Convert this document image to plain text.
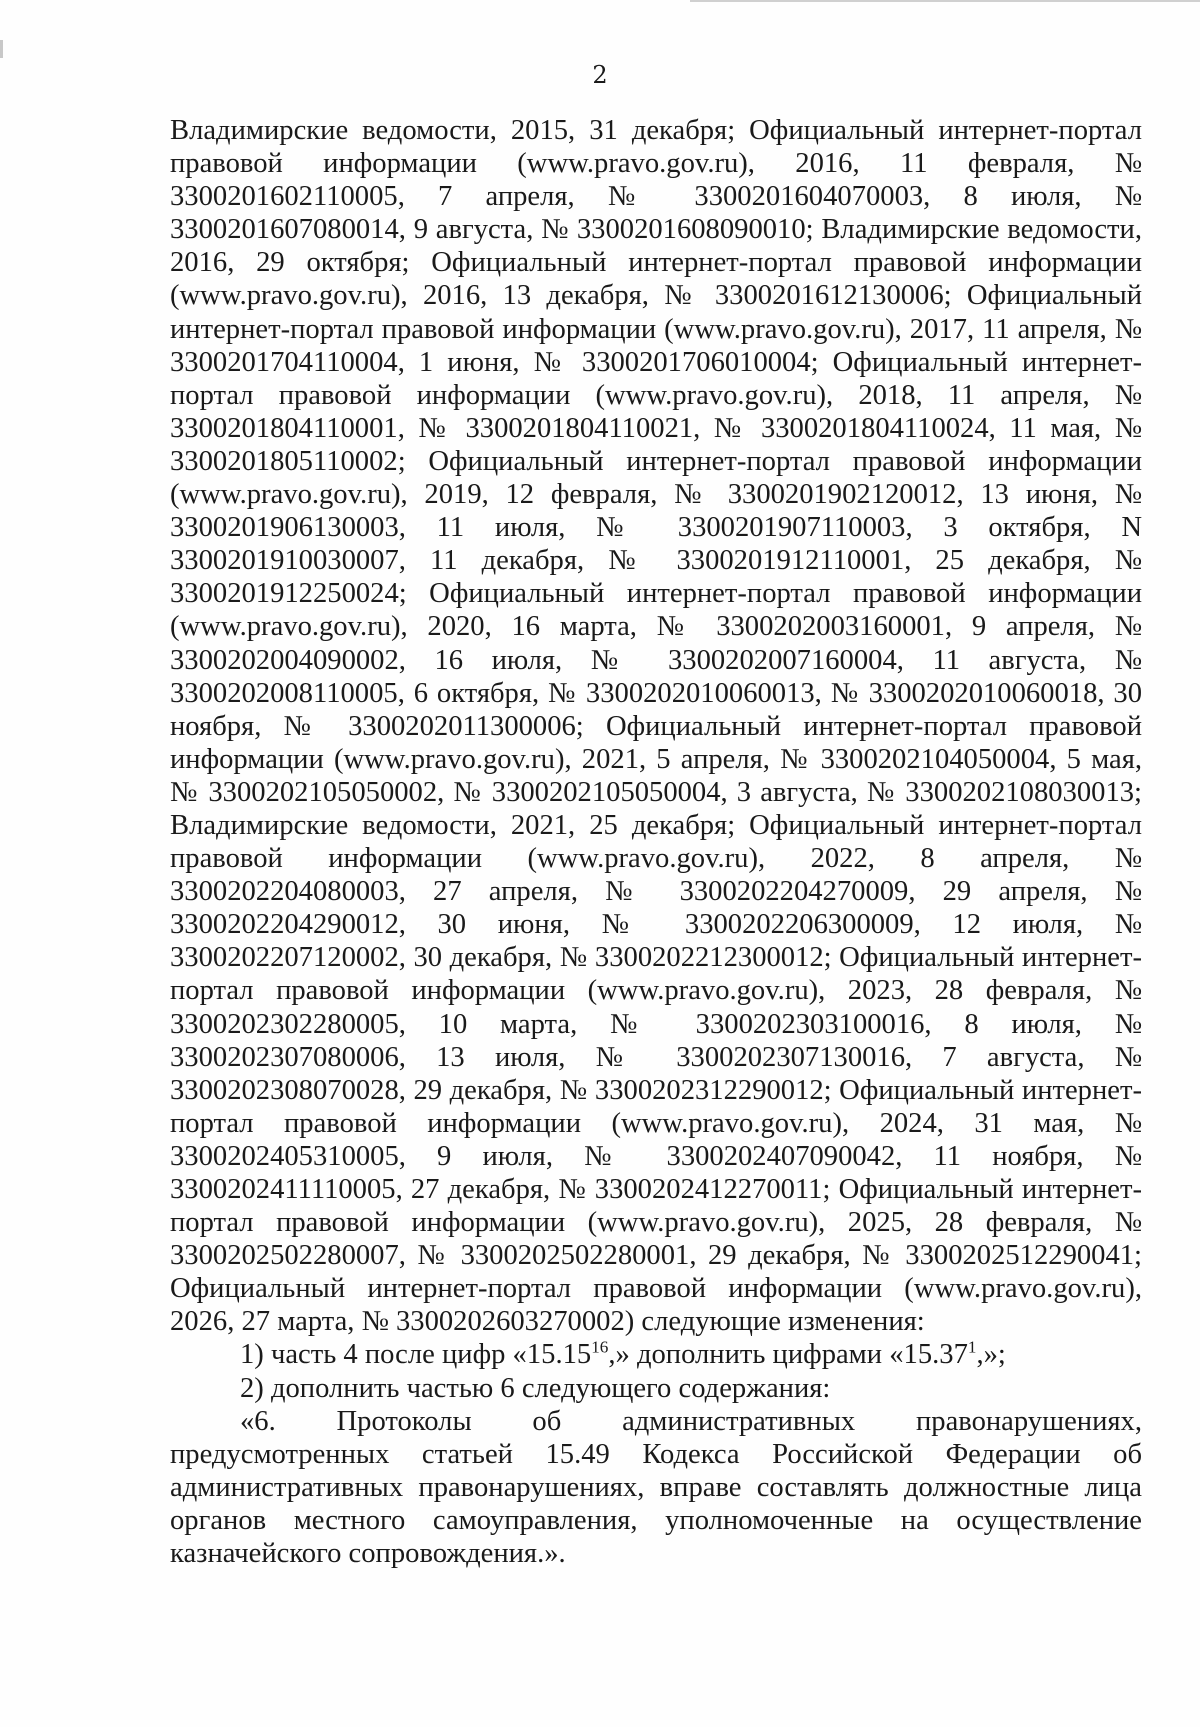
2

Владимирские ведомости, 2015, 31 декабря; Официальный интернет-портал правовой информации (www.pravo.gov.ru), 2016, 11 февраля, № 3300201602110005, 7 апреля, № 3300201604070003, 8 июля, № 3300201607080014, 9 августа, № 3300201608090010; Владимирские ведомости, 2016, 29 октября; Официальный интернет-портал правовой информации (www.pravo.gov.ru), 2016, 13 декабря, № 3300201612130006; Официальный интернет-портал правовой информации (www.pravo.gov.ru), 2017, 11 апреля, № 3300201704110004, 1 июня, № 3300201706010004; Официальный интернет-портал правовой информации (www.pravo.gov.ru), 2018, 11 апреля, № 3300201804110001, № 3300201804110021, № 3300201804110024, 11 мая, № 3300201805110002; Официальный интернет-портал правовой информации (www.pravo.gov.ru), 2019, 12 февраля, № 3300201902120012, 13 июня, № 3300201906130003, 11 июля, № 3300201907110003, 3 октября, N 3300201910030007, 11 декабря, № 3300201912110001, 25 декабря, № 3300201912250024; Официальный интернет-портал правовой информации (www.pravo.gov.ru), 2020, 16 марта, № 3300202003160001, 9 апреля, № 3300202004090002, 16 июля, № 3300202007160004, 11 августа, № 3300202008110005, 6 октября, № 3300202010060013, № 3300202010060018, 30 ноября, № 3300202011300006; Официальный интернет-портал правовой информации (www.pravo.gov.ru), 2021, 5 апреля, № 3300202104050004, 5 мая, № 3300202105050002, № 3300202105050004, 3 августа, № 3300202108030013; Владимирские ведомости, 2021, 25 декабря; Официальный интернет-портал правовой информации (www.pravo.gov.ru), 2022, 8 апреля, № 3300202204080003, 27 апреля, № 3300202204270009, 29 апреля, № 3300202204290012, 30 июня, № 3300202206300009, 12 июля, № 3300202207120002, 30 декабря, № 3300202212300012; Официальный интернет-портал правовой информации (www.pravo.gov.ru), 2023, 28 февраля, № 3300202302280005, 10 марта, № 3300202303100016, 8 июля, № 3300202307080006, 13 июля, № 3300202307130016, 7 августа, № 3300202308070028, 29 декабря, № 3300202312290012; Официальный интернет-портал правовой информации (www.pravo.gov.ru), 2024, 31 мая, № 3300202405310005, 9 июля, № 3300202407090042, 11 ноября, № 3300202411110005, 27 декабря, № 3300202412270011; Официальный интернет-портал правовой информации (www.pravo.gov.ru), 2025, 28 февраля, № 3300202502280007, № 3300202502280001, 29 декабря, № 3300202512290041; Официальный интернет-портал правовой информации (www.pravo.gov.ru), 2026, 27 марта, № 3300202603270002) следующие изменения:

1) часть 4 после цифр «15.15$^{16}$,» дополнить цифрами «15.37$^1$,»;

2) дополнить частью 6 следующего содержания:

«6. Протоколы об административных правонарушениях, предусмотренных статьей 15.49 Кодекса Российской Федерации об административных правонарушениях, вправе составлять должностные лица органов местного самоуправления, уполномоченные на осуществление казначейского сопровождения.».
